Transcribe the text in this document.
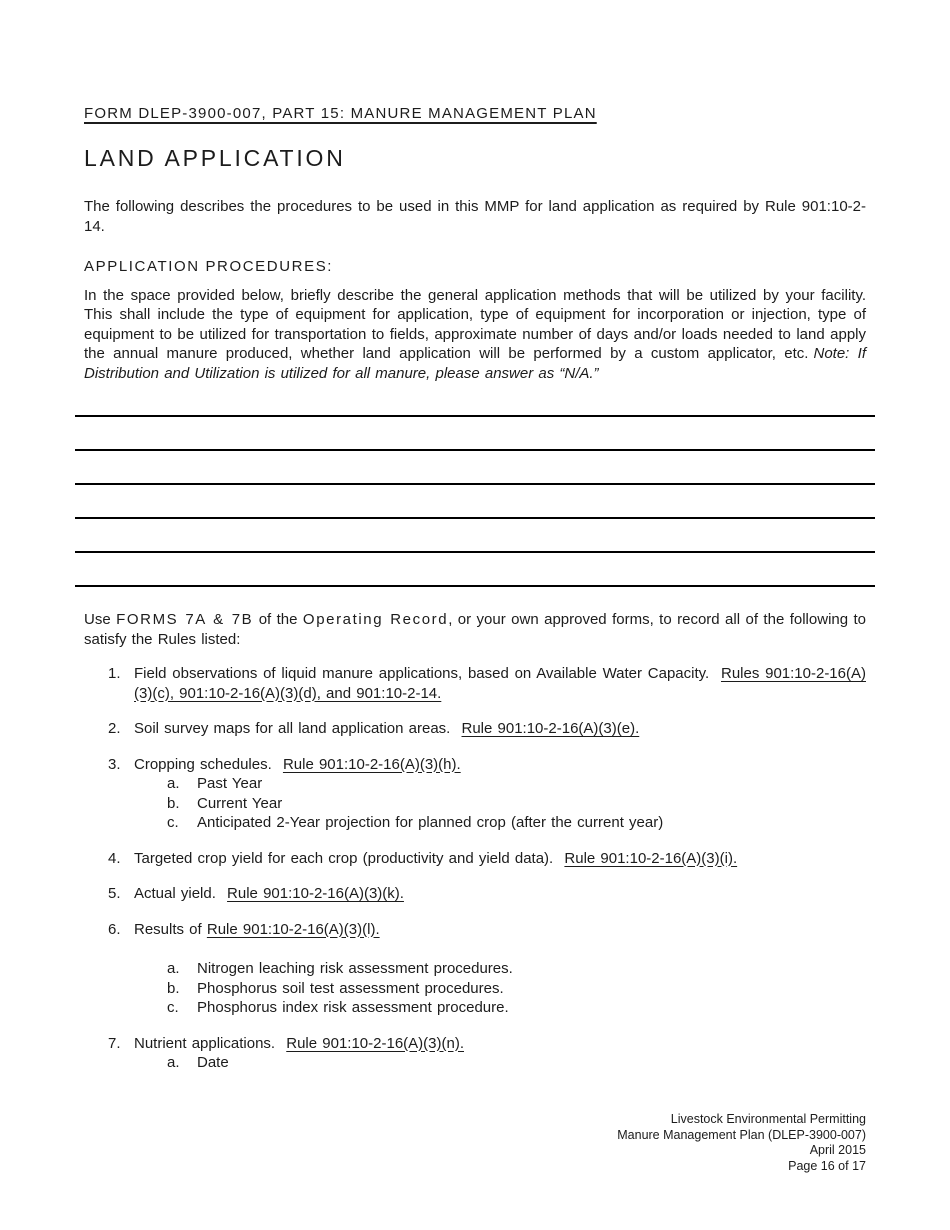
FORM DLEP-3900-007, PART 15: MANURE MANAGEMENT PLAN

LAND APPLICATION

The following describes the procedures to be used in this MMP for land application as required by Rule 901:10-2-14.

APPLICATION PROCEDURES:

In the space provided below, briefly describe the general application methods that will be utilized by your facility. This shall include the type of equipment for application, type of equipment for incorporation or injection, type of equipment to be utilized for transportation to fields, approximate number of days and/or loads needed to land apply the annual manure produced, whether land application will be performed by a custom applicator, etc. Note: If Distribution and Utilization is utilized for all manure, please answer as “N/A.”

Use FORMS 7A & 7B of the Operating Record, or your own approved forms, to record all of the following to satisfy the Rules listed:

1. Field observations of liquid manure applications, based on Available Water Capacity. Rules 901:10-2-16(A)(3)(c), 901:10-2-16(A)(3)(d), and 901:10-2-14.
2. Soil survey maps for all land application areas. Rule 901:10-2-16(A)(3)(e).
3. Cropping schedules. Rule 901:10-2-16(A)(3)(h).
a.	Past Year
b.	Current Year
c.	Anticipated 2-Year projection for planned crop (after the current year)
4. Targeted crop yield for each crop (productivity and yield data). Rule 901:10-2-16(A)(3)(i).
5. Actual yield. Rule 901:10-2-16(A)(3)(k).
6. Results of Rule 901:10-2-16(A)(3)(l).
a.	Nitrogen leaching risk assessment procedures.
b.	Phosphorus soil test assessment procedures.
c.	Phosphorus index risk assessment procedure.
7. Nutrient applications. Rule 901:10-2-16(A)(3)(n).
a.	Date
Livestock Environmental Permitting
Manure Management Plan (DLEP-3900-007)
April 2015
Page 16 of 17
